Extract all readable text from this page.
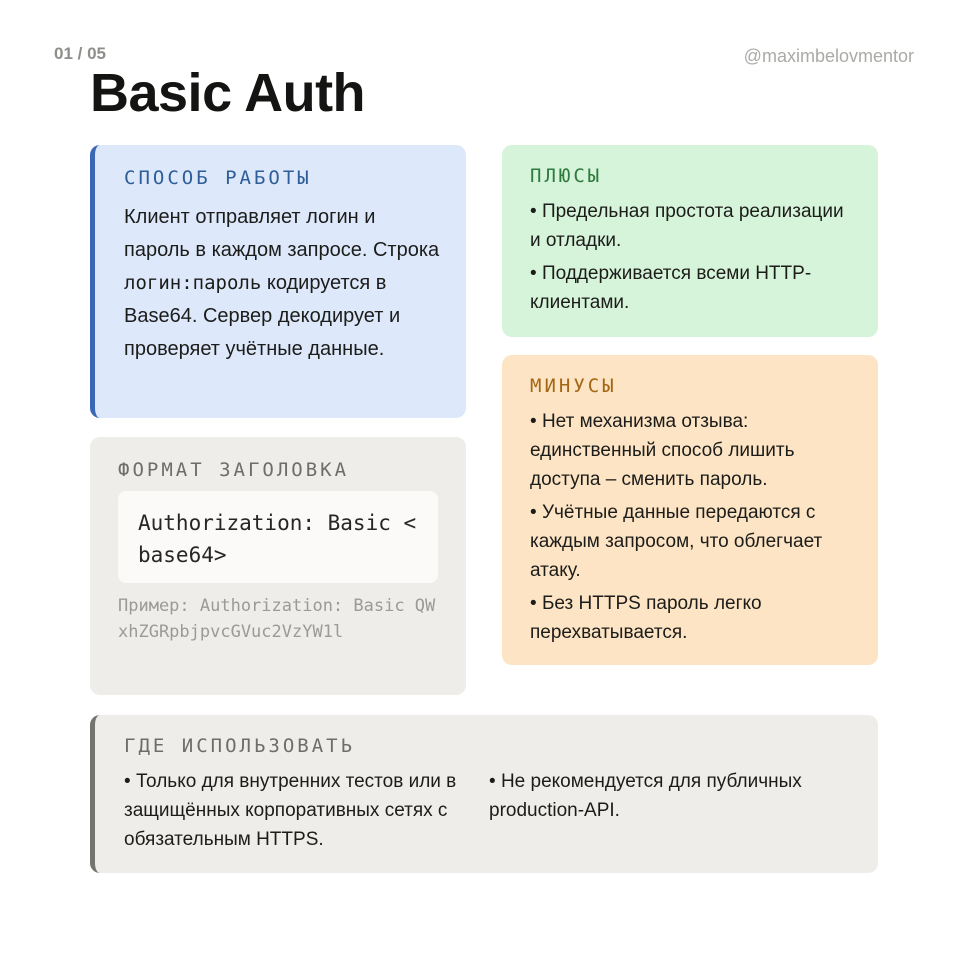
01 / 05	@maximbelovmentor
Basic Auth

СПОСОБ РАБОТЫ

Клиент отправляет логин и пароль в каждом запросе. Строка логин:пароль кодируется в Base64. Сервер декодирует и проверяет учётные данные.

ФОРМАТ ЗАГОЛОВКА

Authorization: Basic <base64>
Пример: Authorization: Basic QWxhZGRpbjpvcGVuc2VzYW1l

ПЛЮСЫ

• Предельная простота реализации и отладки.
• Поддерживается всеми HTTP-клиентами.

МИНУСЫ

• Нет механизма отзыва: единственный способ лишить доступа – сменить пароль.
• Учётные данные передаются с каждым запросом, что облегчает атаку.
• Без HTTPS пароль легко перехватывается.

ГДЕ ИСПОЛЬЗОВАТЬ

• Только для внутренних тестов или в защищённых корпоративных сетях с обязательным HTTPS.
• Не рекомендуется для публичных production-API.
